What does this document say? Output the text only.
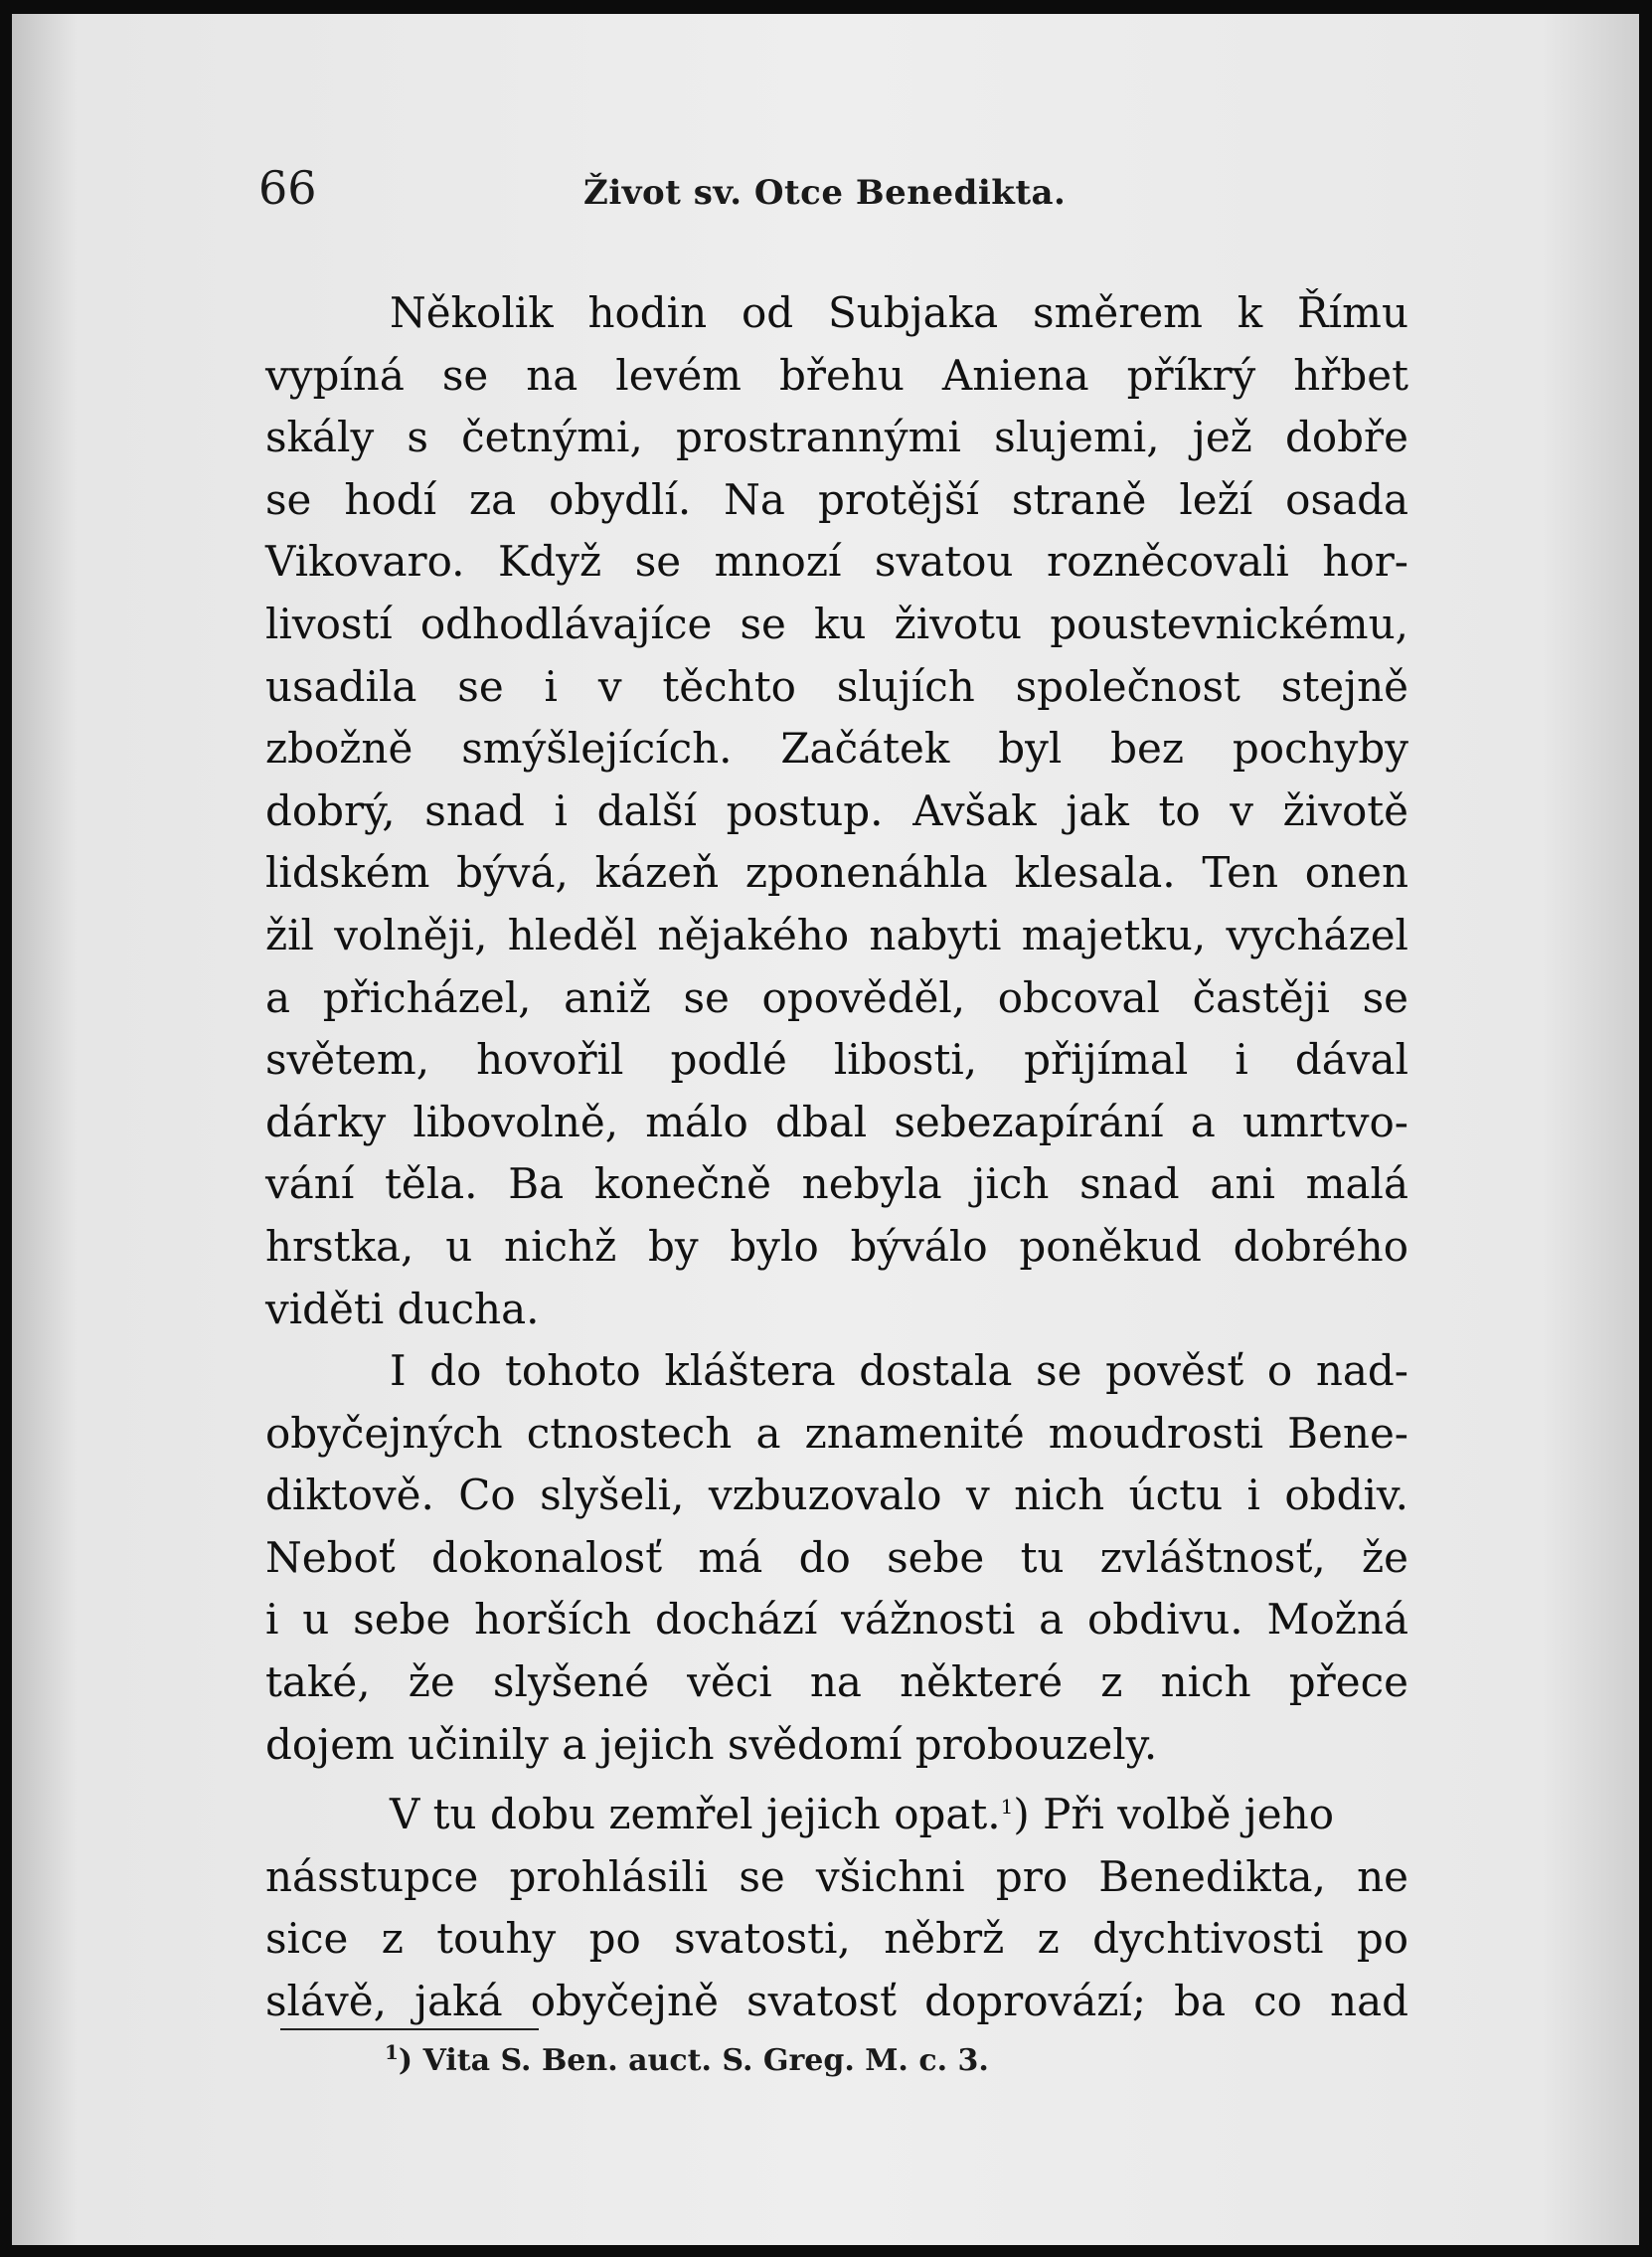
66	Život sv. Otce Benedikta.
Několik hodin od Subjaka směrem k Římu
vypíná se na levém břehu Aniena příkrý hřbet
skály s četnými, prostrannými slujemi, jež dobře
se hodí za obydlí. Na protější straně leží osada
Vikovaro. Když se mnozí svatou rozněcovali hor-
livostí odhodlávajíce se ku životu poustevnickému,
usadila se i v těchto slujích společnost stejně
zbožně smýšlejících. Začátek byl bez pochyby
dobrý, snad i další postup. Avšak jak to v životě
lidském bývá, kázeň zponenáhla klesala. Ten onen
žil volněji, hleděl nějakého nabyti majetku, vycházel
a přicházel, aniž se opověděl, obcoval častěji se
světem, hovořil podlé libosti, přijímal i dával
dárky libovolně, málo dbal sebezapírání a umrtvo-
vání těla. Ba konečně nebyla jich snad ani malá
hrstka, u nichž by bylo býválo poněkud dobrého
viděti ducha.
I do tohoto kláštera dostala se pověsť o nad-
obyčejných ctnostech a znamenité moudrosti Bene-
diktově. Co slyšeli, vzbuzovalo v nich úctu i obdiv.
Neboť dokonalosť má do sebe tu zvláštnosť, že
i u sebe horších dochází vážnosti a obdivu. Možná
také, že slyšené věci na některé z nich přece
dojem učinily a jejich svědomí probouzely.
V tu dobu zemřel jejich opat.$^1$) Při volbě jeho
násstupce prohlásili se všichni pro Benedikta, ne
sice z touhy po svatosti, něbrž z dychtivosti po
slávě, jaká obyčejně svatosť doprovází; ba co nad
$^1$) Vita S. Ben. auct. S. Greg. M. c. 3.
